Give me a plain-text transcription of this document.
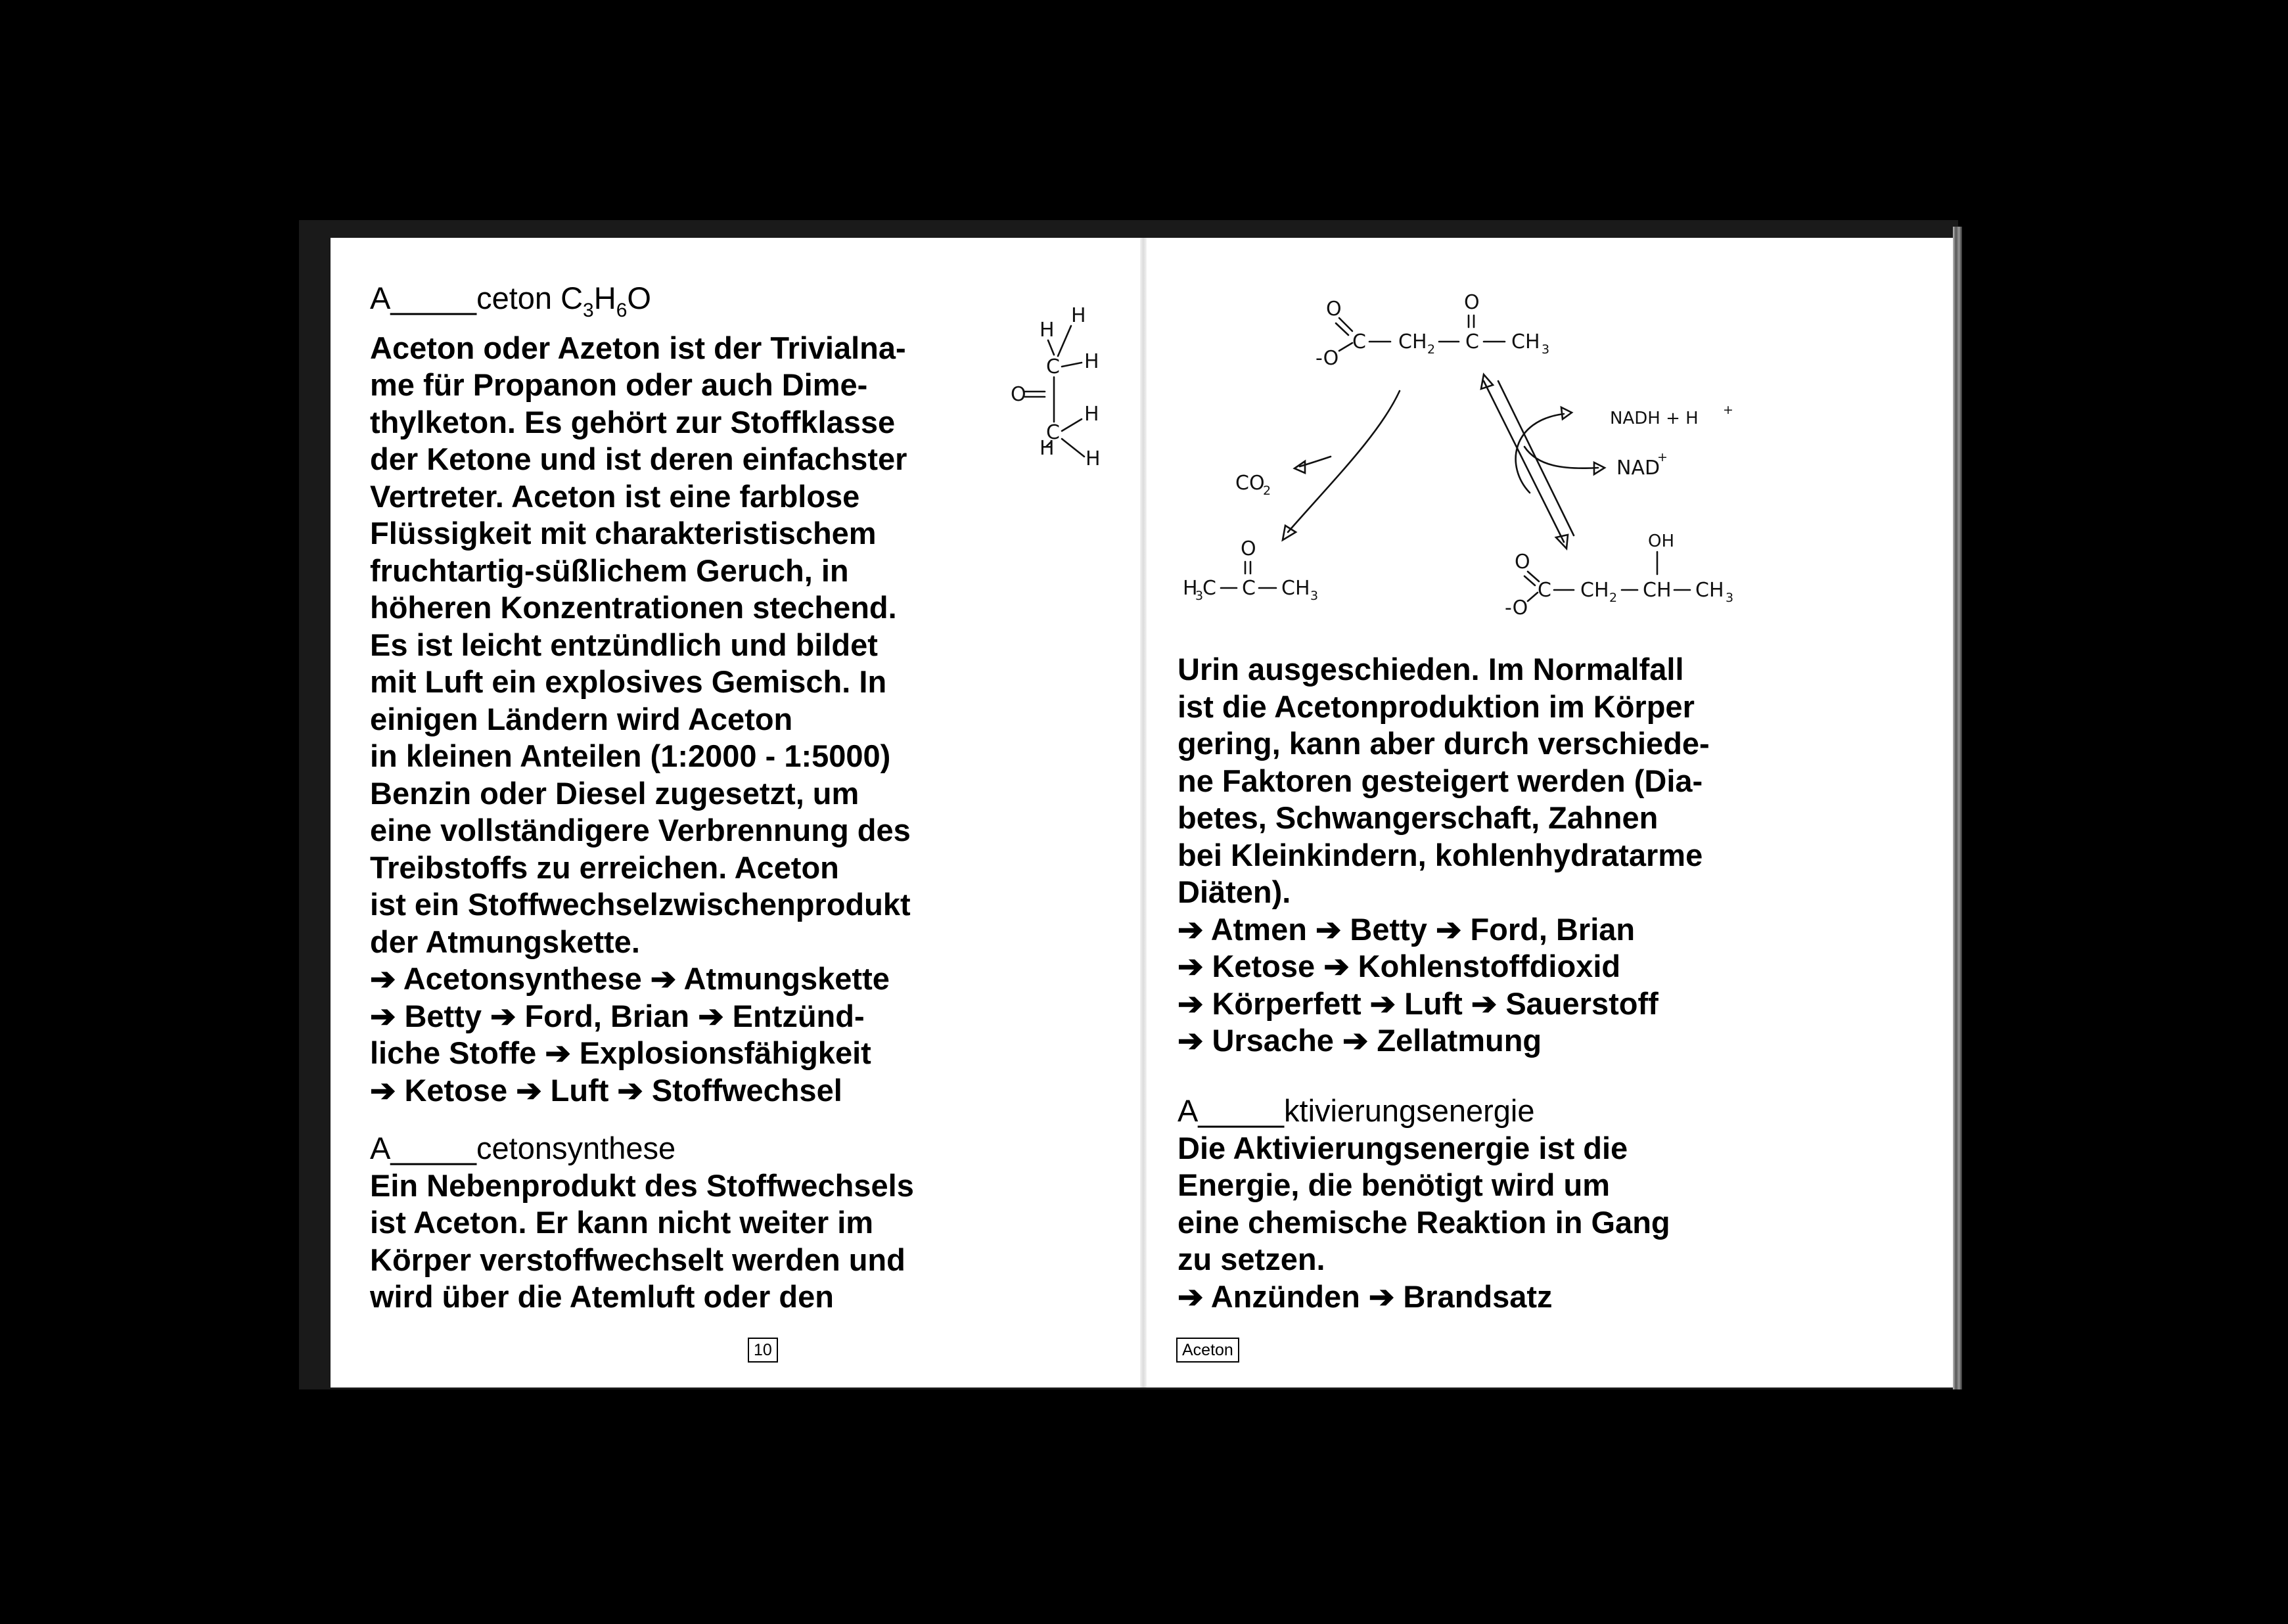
A_____ceton $C_3H_6O$
Aceton oder Azeton ist der Trivialna-
me für Propanon oder auch Dime-
thylketon. Es gehört zur Stoffklasse
der Ketone und ist deren einfachster
Vertreter. Aceton ist eine farblose
Flüssigkeit mit charakteristischem
fruchtartig-süßlichem Geruch, in
höheren Konzentrationen stechend.
Es ist leicht entzündlich und bildet
mit Luft ein explosives Gemisch. In
einigen Ländern wird Aceton
in kleinen Anteilen (1:2000 - 1:5000)
Benzin oder Diesel zugesetzt, um
eine vollständigere Verbrennung des
Treibstoffs zu erreichen. Aceton
ist ein Stoffwechselzwischenprodukt
der Atmungskette.
➔ Acetonsynthese ➔ Atmungskette
➔ Betty ➔ Ford, Brian ➔ Entzünd-
liche Stoffe ➔ Explosionsfähigkeit
➔ Ketose ➔ Luft ➔ Stoffwechsel
A_____cetonsynthese
Ein Nebenprodukt des Stoffwechsels
ist Aceton. Er kann nicht weiter im
Körper verstoffwechselt werden und
wird über die Atemluft oder den
10
Urin ausgeschieden. Im Normalfall
ist die Acetonproduktion im Körper
gering, kann aber durch verschiede-
ne Faktoren gesteigert werden (Dia-
betes, Schwangerschaft, Zahnen
bei Kleinkindern, kohlenhydratarme
Diäten).
➔ Atmen ➔ Betty ➔ Ford, Brian
➔ Ketose ➔ Kohlenstoffdioxid
➔ Körperfett ➔ Luft ➔ Sauerstoff
➔ Ursache ➔ Zellatmung
A_____ktivierungsenergie
Die Aktivierungsenergie ist die
Energie, die benötigt wird um
eine chemische Reaktion in Gang
zu setzen.
➔ Anzünden ➔ Brandsatz
Aceton
C
C
O
H
H
H
H
H H
O
-O
C CH 2 C
O
CH 3
CO
2
H
3
C C
O
CH 3
NADH + H +
NAD
+
O
-O
C CH 2 CH
OH
CH 3
